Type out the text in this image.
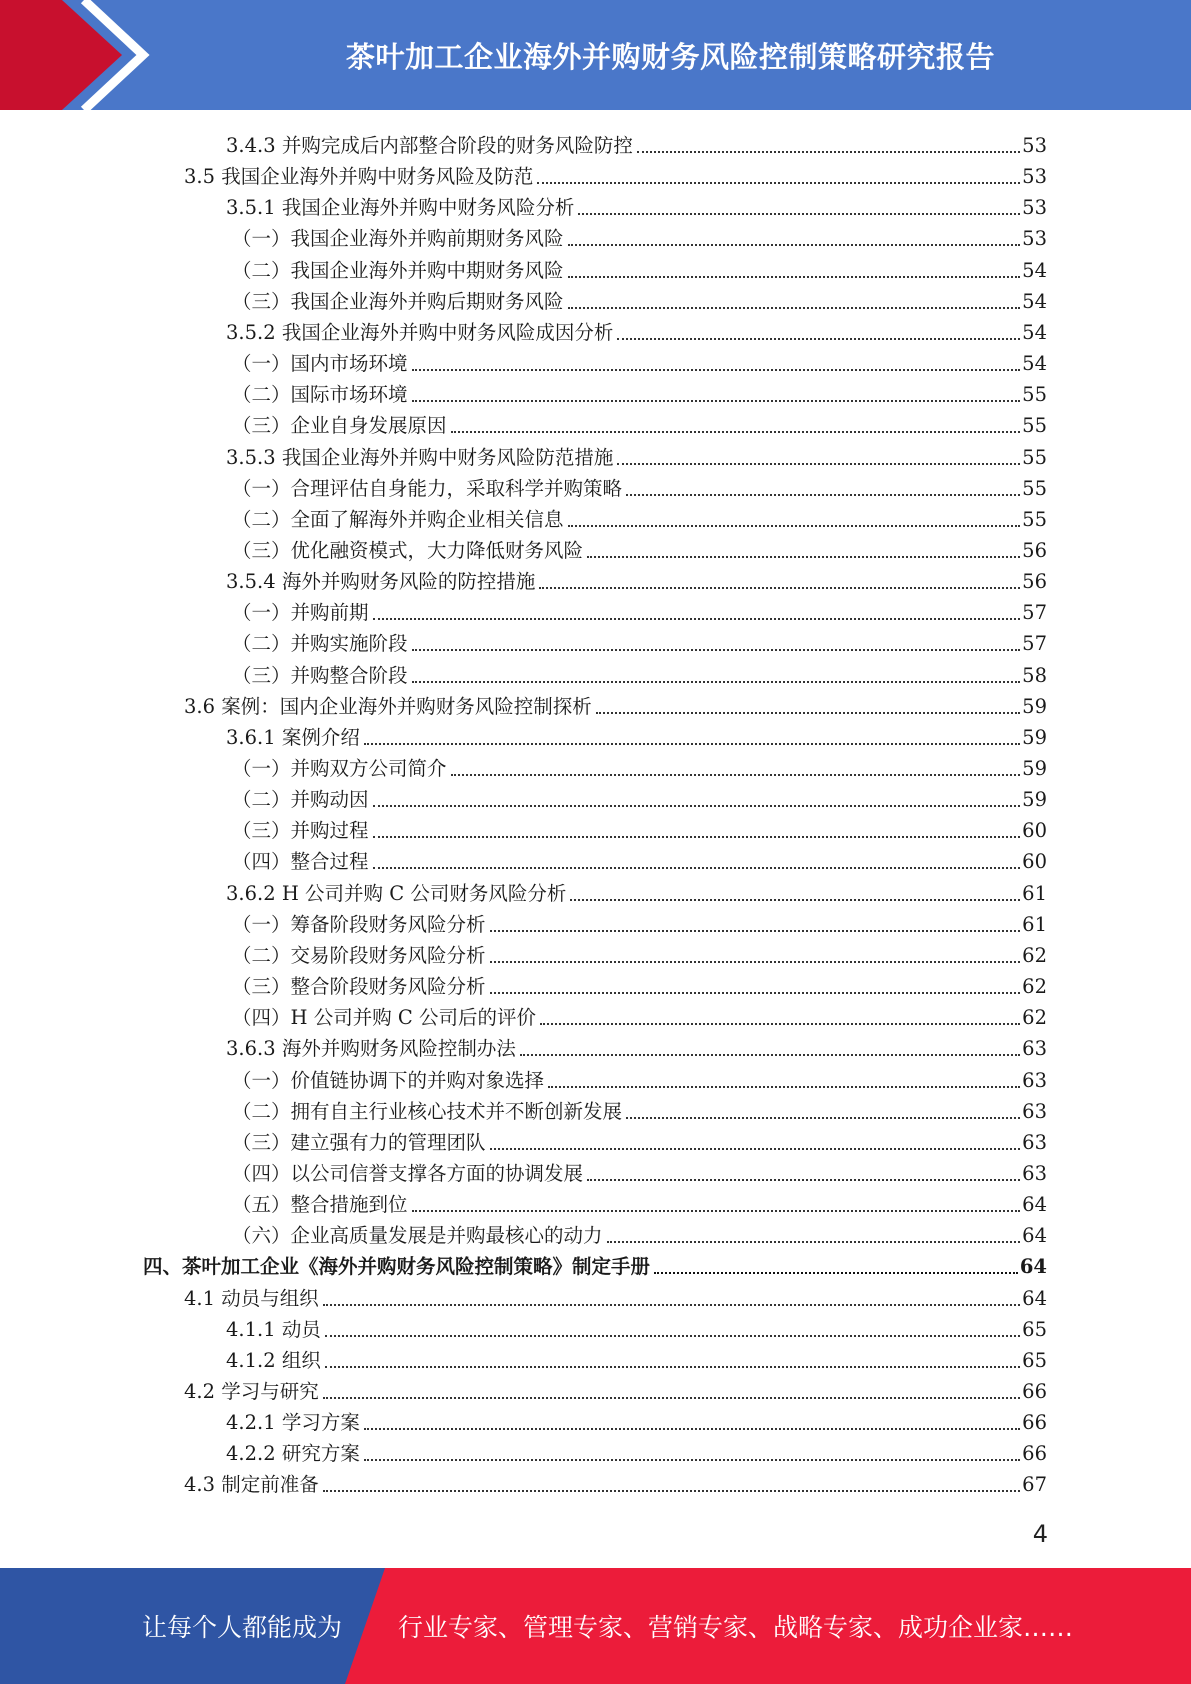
茶叶加工企业海外并购财务风险控制策略研究报告
3.4.3 并购完成后内部整合阶段的财务风险防控	53
3.5 我国企业海外并购中财务风险及防范	53
3.5.1 我国企业海外并购中财务风险分析	53
（一）我国企业海外并购前期财务风险	53
（二）我国企业海外并购中期财务风险	54
（三）我国企业海外并购后期财务风险	54
3.5.2 我国企业海外并购中财务风险成因分析	54
（一）国内市场环境	54
（二）国际市场环境	55
（三）企业自身发展原因	55
3.5.3 我国企业海外并购中财务风险防范措施	55
（一）合理评估自身能力，采取科学并购策略	55
（二）全面了解海外并购企业相关信息	55
（三）优化融资模式，大力降低财务风险	56
3.5.4 海外并购财务风险的防控措施	56
（一）并购前期	57
（二）并购实施阶段	57
（三）并购整合阶段	58
3.6 案例：国内企业海外并购财务风险控制探析	59
3.6.1 案例介绍	59
（一）并购双方公司简介	59
（二）并购动因	59
（三）并购过程	60
（四）整合过程	60
3.6.2 H 公司并购 C 公司财务风险分析	61
（一）筹备阶段财务风险分析	61
（二）交易阶段财务风险分析	62
（三）整合阶段财务风险分析	62
（四）H 公司并购 C 公司后的评价	62
3.6.3 海外并购财务风险控制办法	63
（一）价值链协调下的并购对象选择	63
（二）拥有自主行业核心技术并不断创新发展	63
（三）建立强有力的管理团队	63
（四）以公司信誉支撑各方面的协调发展	63
（五）整合措施到位	64
（六）企业高质量发展是并购最核心的动力	64
四、茶叶加工企业《海外并购财务风险控制策略》制定手册	64
4.1 动员与组织	64
4.1.1 动员	65
4.1.2 组织	65
4.2 学习与研究	66
4.2.1 学习方案	66
4.2.2 研究方案	66
4.3 制定前准备	67
4
让每个人都能成为 行业专家、管理专家、营销专家、战略专家、成功企业家……
